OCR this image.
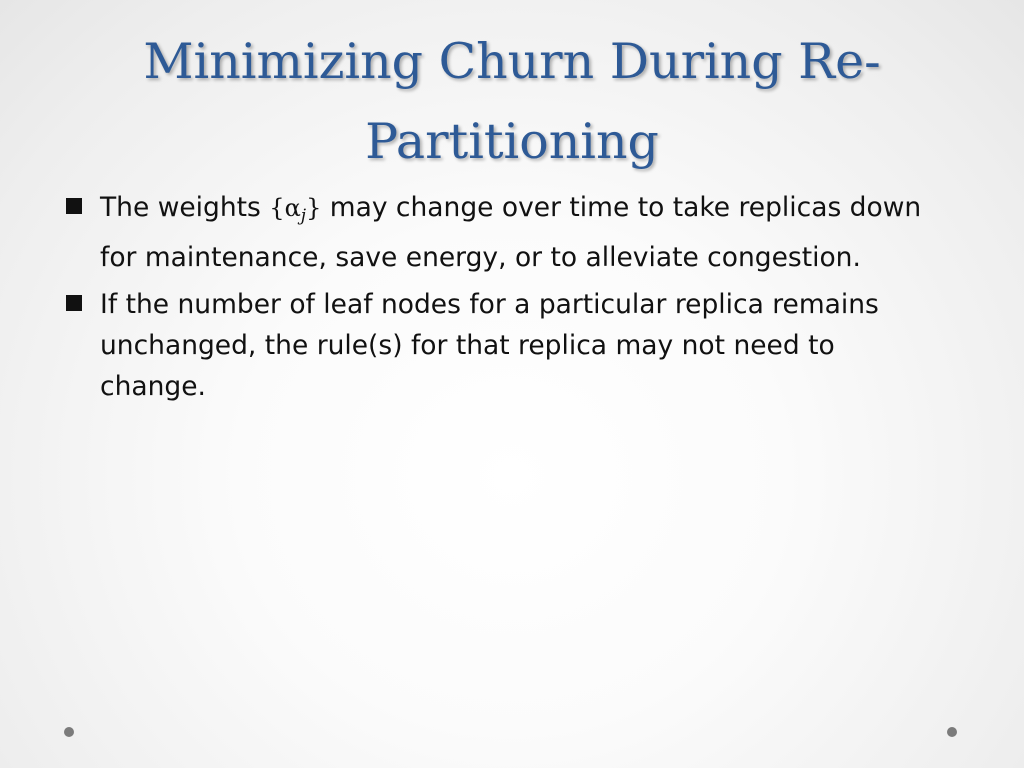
Minimizing Churn During Re-Partitioning
The weights $\{\alpha_j\}$ may change over time to take replicas down for maintenance, save energy, or to alleviate congestion.
If the number of leaf nodes for a particular replica remains unchanged, the rule(s) for that replica may not need to change.
